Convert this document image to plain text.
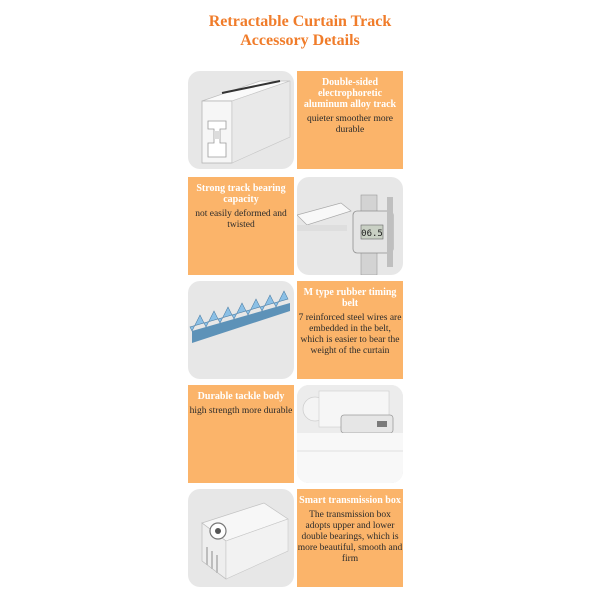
Retractable Curtain Track
Accessory Details
Double-sided electrophoretic aluminum alloy track
quieter smoother more durable
Strong track bearing capacity
not easily deformed and twisted
06.5
M type rubber timing belt
7 reinforced steel wires are embedded in the belt, which is easier to bear the weight of the curtain
Durable tackle body
high strength more durable
Smart transmission box
The transmission box adopts upper and lower double bearings, which is more beautiful, smooth and firm
